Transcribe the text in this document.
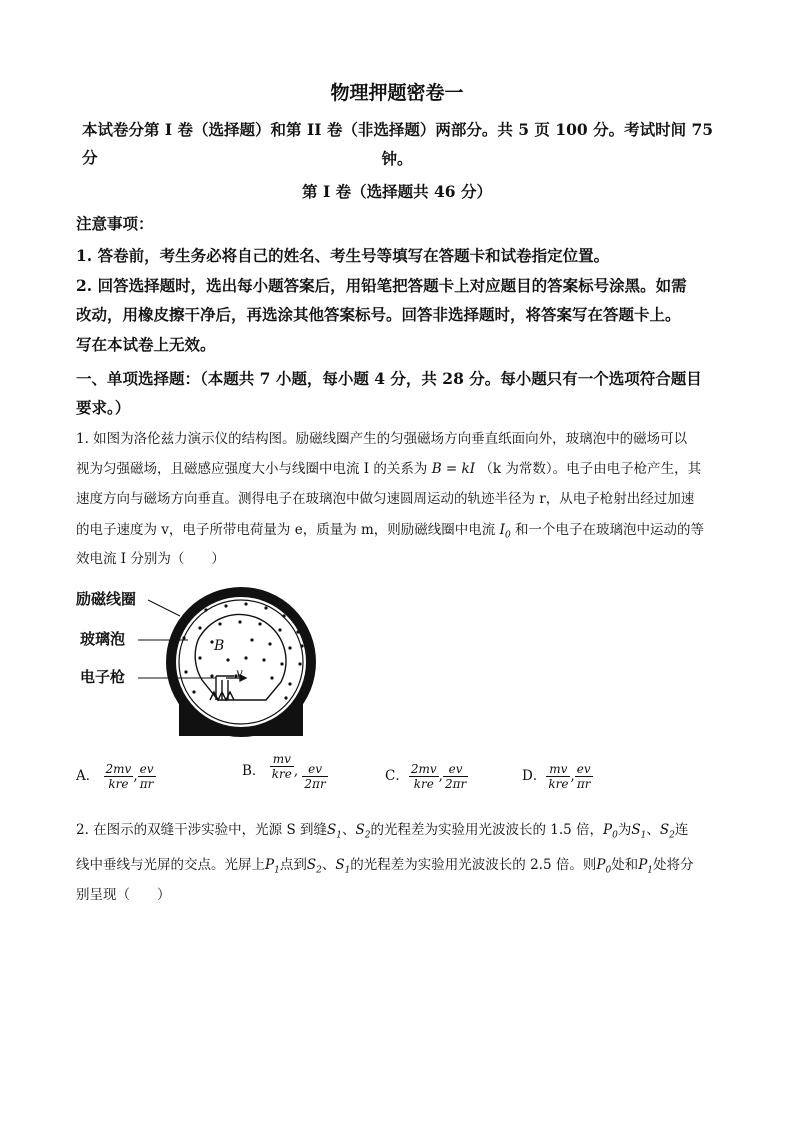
物理押题密卷一
本试卷分第 I 卷（选择题）和第 II 卷（非选择题）两部分。共 5 页 100 分。考试时间 75 分	钟。
第 I 卷（选择题共 46 分）
注意事项：
1. 答卷前，考生务必将自己的姓名、考生号等填写在答题卡和试卷指定位置。
2. 回答选择题时，选出每小题答案后，用铅笔把答题卡上对应题目的答案标号涂黑。如需
改动，用橡皮擦干净后，再选涂其他答案标号。回答非选择题时，将答案写在答题卡上。
写在本试卷上无效。
一、单项选择题：（本题共 7 小题，每小题 4 分，共 28 分。每小题只有一个选项符合题目
要求。）
1. 如图为洛伦兹力演示仪的结构图。励磁线圈产生的匀强磁场方向垂直纸面向外，玻璃泡中的磁场可以
视为匀强磁场，且磁感应强度大小与线圈中电流 I 的关系为 B = kI （k 为常数）。电子由电子枪产生，其
速度方向与磁场方向垂直。测得电子在玻璃泡中做匀速圆周运动的轨迹半径为 r，从电子枪射出经过加速
的电子速度为 v，电子所带电荷量为 e，质量为 m，则励磁线圈中电流 $I_0$ 和一个电子在玻璃泡中运动的等
效电流 I 分别为（　　）
励磁线圈
玻璃泡
电子枪
B
v
A． $\frac{2mv}{\text{kre}}$ , $\frac{ev}{\pi r}$	B． $\frac{mv}{\text{kre}}$ , $\frac{ev}{2\pi r}$	C． $\frac{2mv}{\text{kre}}$ , $\frac{ev}{2\pi r}$	D． $\frac{mv}{\text{kre}}$ , $\frac{ev}{\pi r}$
2. 在图示的双缝干涉实验中，光源 S 到缝$S_1$、$S_2$的光程差为实验用光波波长的 1.5 倍，$P_0$为$S_1$、$S_2$连
线中垂线与光屏的交点。光屏上$P_1$点到$S_2$、$S_1$的光程差为实验用光波波长的 2.5 倍。则$P_0$处和$P_1$处将分
别呈现（　　）
